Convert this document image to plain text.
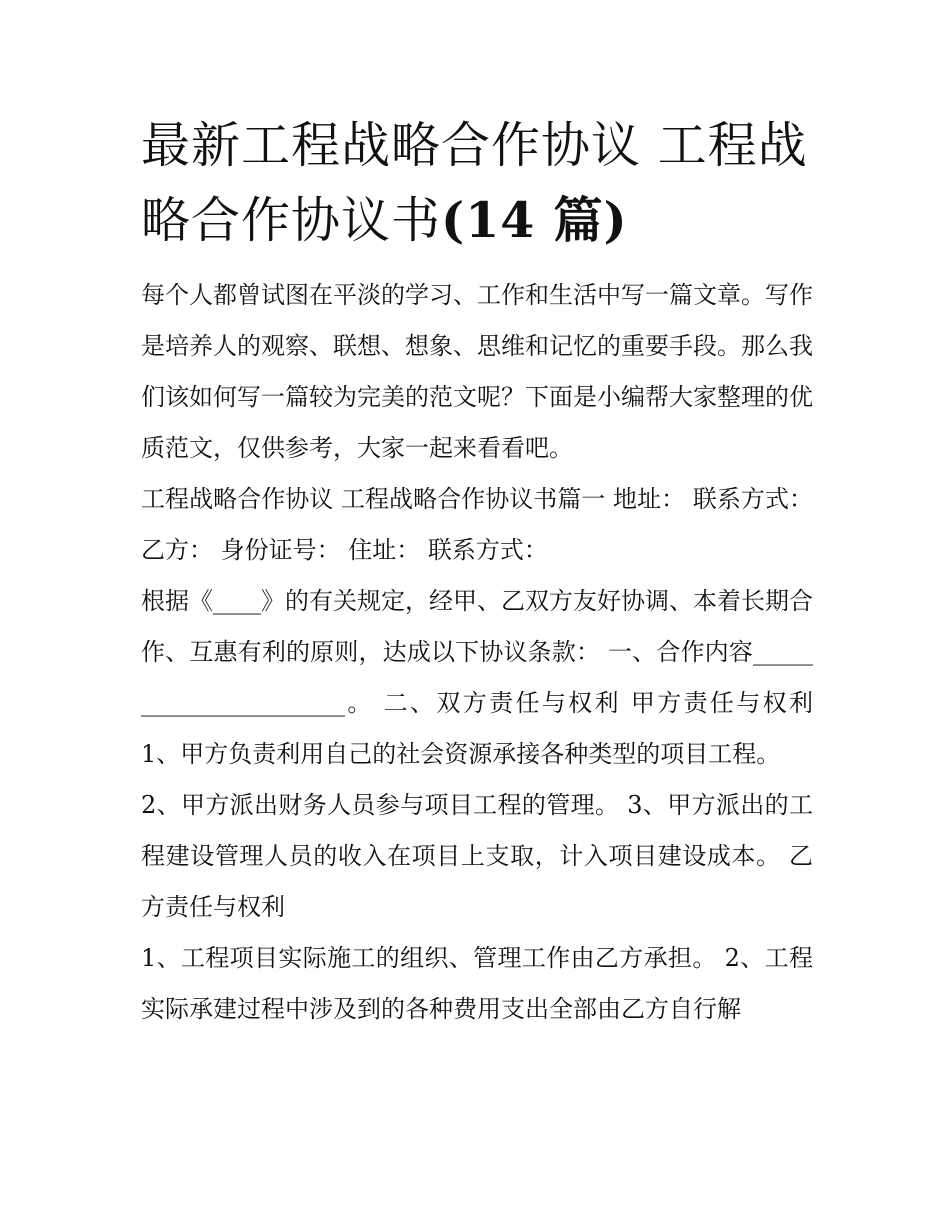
最新工程战略合作协议 工程战
略合作协议书(14 篇)

每个人都曾试图在平淡的学习、工作和生活中写一篇文章。写作是培养人的观察、联想、想象、思维和记忆的重要手段。那么我们该如何写一篇较为完美的范文呢？下面是小编帮大家整理的优质范文，仅供参考，大家一起来看看吧。

工程战略合作协议 工程战略合作协议书篇一 地址： 联系方式： 乙方： 身份证号： 住址： 联系方式：

根据《____》的有关规定，经甲、乙双方友好协调、本着长期合作、互惠有利的原则，达成以下协议条款： 一、合作内容______________________。 二、双方责任与权利 甲方责任与权利 1、甲方负责利用自己的社会资源承接各种类型的项目工程。

2、甲方派出财务人员参与项目工程的管理。 3、甲方派出的工程建设管理人员的收入在项目上支取，计入项目建设成本。 乙方责任与权利

1、工程项目实际施工的组织、管理工作由乙方承担。 2、工程实际承建过程中涉及到的各种费用支出全部由乙方自行解
